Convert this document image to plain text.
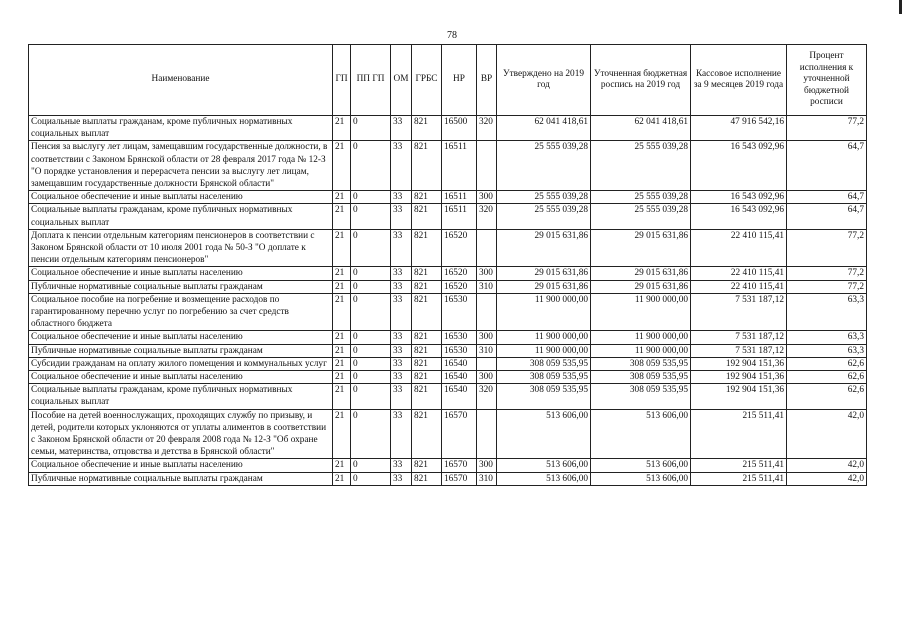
78
Наименование	ГП	ПП ГП	ОМ	ГРБС	НР	ВР	Утверждено на 2019 год	Уточненная бюджетная роспись на 2019 год	Кассовое исполнение за 9 месяцев 2019 года	Процент исполнения к уточненной бюджетной росписи
Социальные выплаты гражданам, кроме публичных нормативных социальных выплат	21	0	33	821	16500	320	62 041 418,61	62 041 418,61	47 916 542,16	77,2
Пенсия за выслугу лет лицам, замещавшим государственные должности, в соответствии с Законом Брянской области от 28 февраля 2017 года № 12-З "О порядке установления и перерасчета пенсии за выслугу лет лицам, замещавшим государственные должности Брянской области"	21	0	33	821	16511		25 555 039,28	25 555 039,28	16 543 092,96	64,7
Социальное обеспечение и иные выплаты населению	21	0	33	821	16511	300	25 555 039,28	25 555 039,28	16 543 092,96	64,7
Социальные выплаты гражданам, кроме публичных нормативных социальных выплат	21	0	33	821	16511	320	25 555 039,28	25 555 039,28	16 543 092,96	64,7
Доплата к пенсии отдельным категориям пенсионеров в соответствии с Законом Брянской области от 10 июля 2001 года № 50-З "О доплате к пенсии отдельным категориям пенсионеров"	21	0	33	821	16520		29 015 631,86	29 015 631,86	22 410 115,41	77,2
Социальное обеспечение и иные выплаты населению	21	0	33	821	16520	300	29 015 631,86	29 015 631,86	22 410 115,41	77,2
Публичные нормативные социальные выплаты гражданам	21	0	33	821	16520	310	29 015 631,86	29 015 631,86	22 410 115,41	77,2
Социальное пособие на погребение и возмещение расходов по гарантированному перечню услуг по погребению за счет средств областного бюджета	21	0	33	821	16530		11 900 000,00	11 900 000,00	7 531 187,12	63,3
Социальное обеспечение и иные выплаты населению	21	0	33	821	16530	300	11 900 000,00	11 900 000,00	7 531 187,12	63,3
Публичные нормативные социальные выплаты гражданам	21	0	33	821	16530	310	11 900 000,00	11 900 000,00	7 531 187,12	63,3
Субсидии гражданам на оплату жилого помещения и коммунальных услуг	21	0	33	821	16540		308 059 535,95	308 059 535,95	192 904 151,36	62,6
Социальное обеспечение и иные выплаты населению	21	0	33	821	16540	300	308 059 535,95	308 059 535,95	192 904 151,36	62,6
Социальные выплаты гражданам, кроме публичных нормативных социальных выплат	21	0	33	821	16540	320	308 059 535,95	308 059 535,95	192 904 151,36	62,6
Пособие на детей военнослужащих, проходящих службу по призыву, и детей, родители которых уклоняются от уплаты алиментов в соответствии с Законом Брянской области от 20 февраля 2008 года № 12-З "Об охране семьи, материнства, отцовства и детства в Брянской области"	21	0	33	821	16570		513 606,00	513 606,00	215 511,41	42,0
Социальное обеспечение и иные выплаты населению	21	0	33	821	16570	300	513 606,00	513 606,00	215 511,41	42,0
Публичные нормативные социальные выплаты гражданам	21	0	33	821	16570	310	513 606,00	513 606,00	215 511,41	42,0
